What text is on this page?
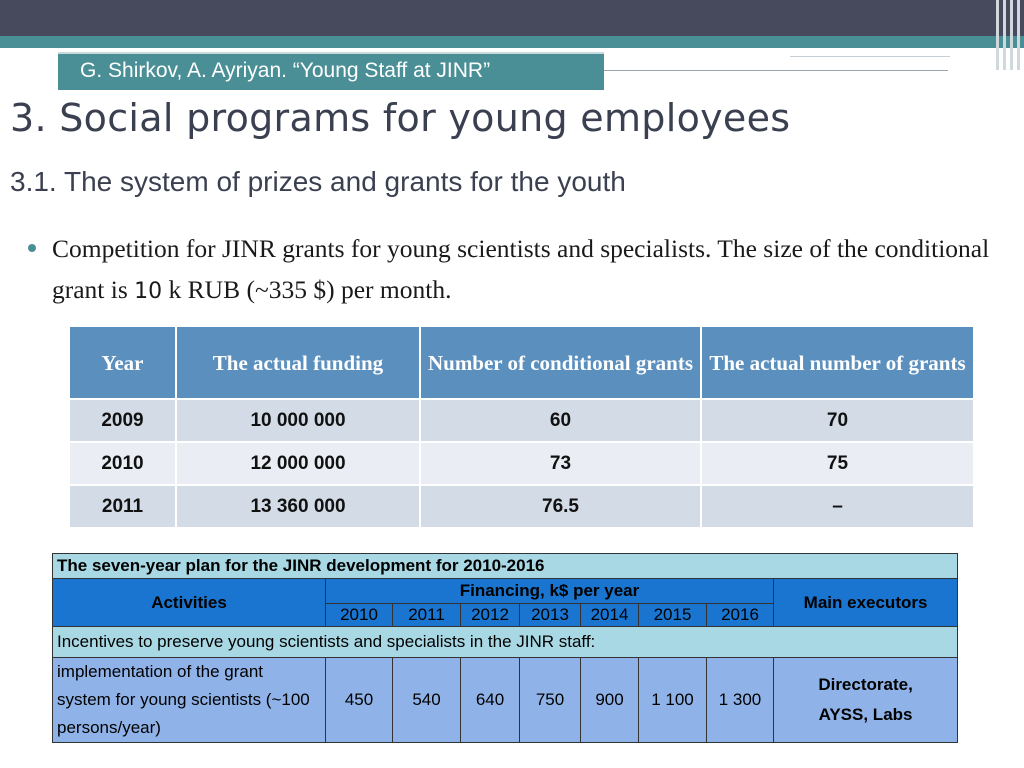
G. Shirkov, A. Ayriyan. “Young Staff at JINR”
3. Social programs for young employees
3.1. The system of prizes and grants for the youth
Competition for JINR grants for young scientists and specialists. The size of the conditional grant is 10 k RUB (~335 $) per month.
Year	The actual funding	Number of conditional grants	The actual number of grants
2009	10 000 000	60	70
2010	12 000 000	73	75
2011	13 360 000	76.5	–
The seven-year plan for the JINR development for 2010-2016								
Activities	Financing, k$ per year							Main executors
	2010	2011	2012	2013	2014	2015	2016	
Incentives to preserve young scientists and specialists in the JINR staff:								
implementation of the grant system for young scientists (~100 persons/year)	450	540	640	750	900	1 100	1 300	Directorate,
AYSS, Labs
